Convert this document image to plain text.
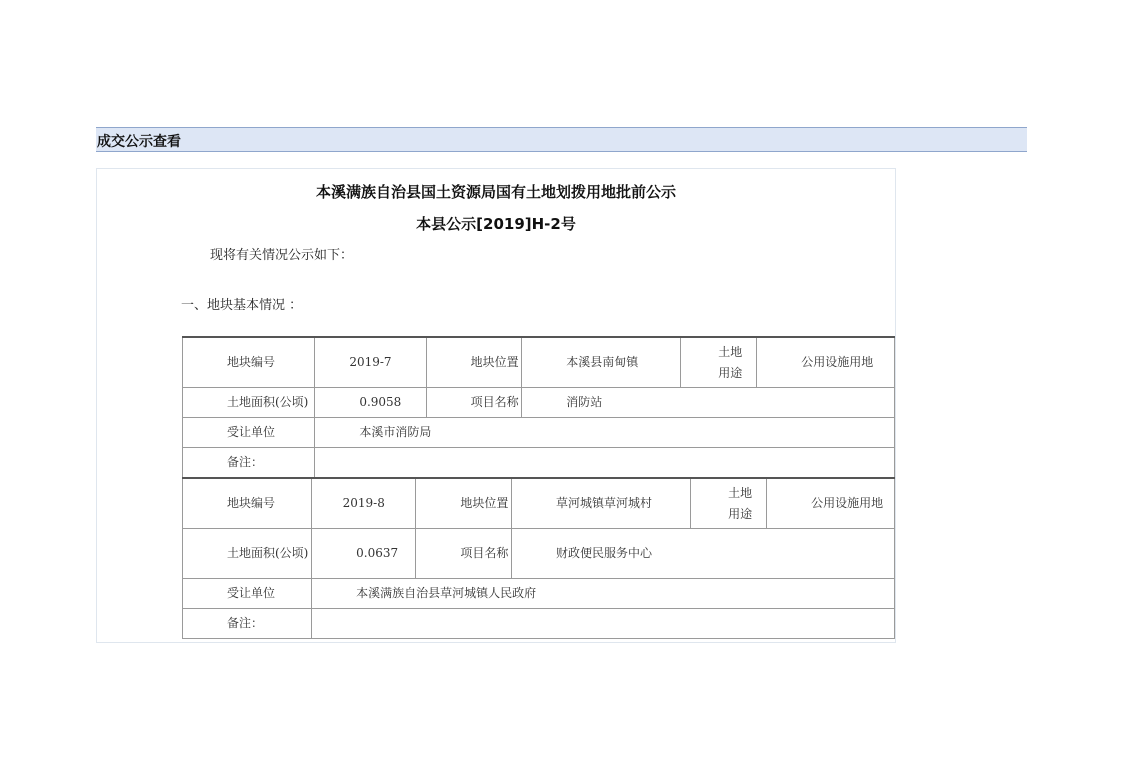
成交公示查看
本溪满族自治县国土资源局国有土地划拨用地批前公示
本县公示[2019]H-2号
现将有关情况公示如下：
一、地块基本情况 ：
地块编号	2019-7	地块位置	本溪县南甸镇	土地用途	公用设施用地
土地面积(公顷)	0.9058	项目名称	消防站		
受让单位	本溪市消防局				
备注：					
地块编号	2019-8	地块位置	草河城镇草河城村	土地用途	公用设施用地
土地面积(公顷)	0.0637	项目名称	财政便民服务中心		
受让单位	本溪满族自治县草河城镇人民政府				
备注：					
